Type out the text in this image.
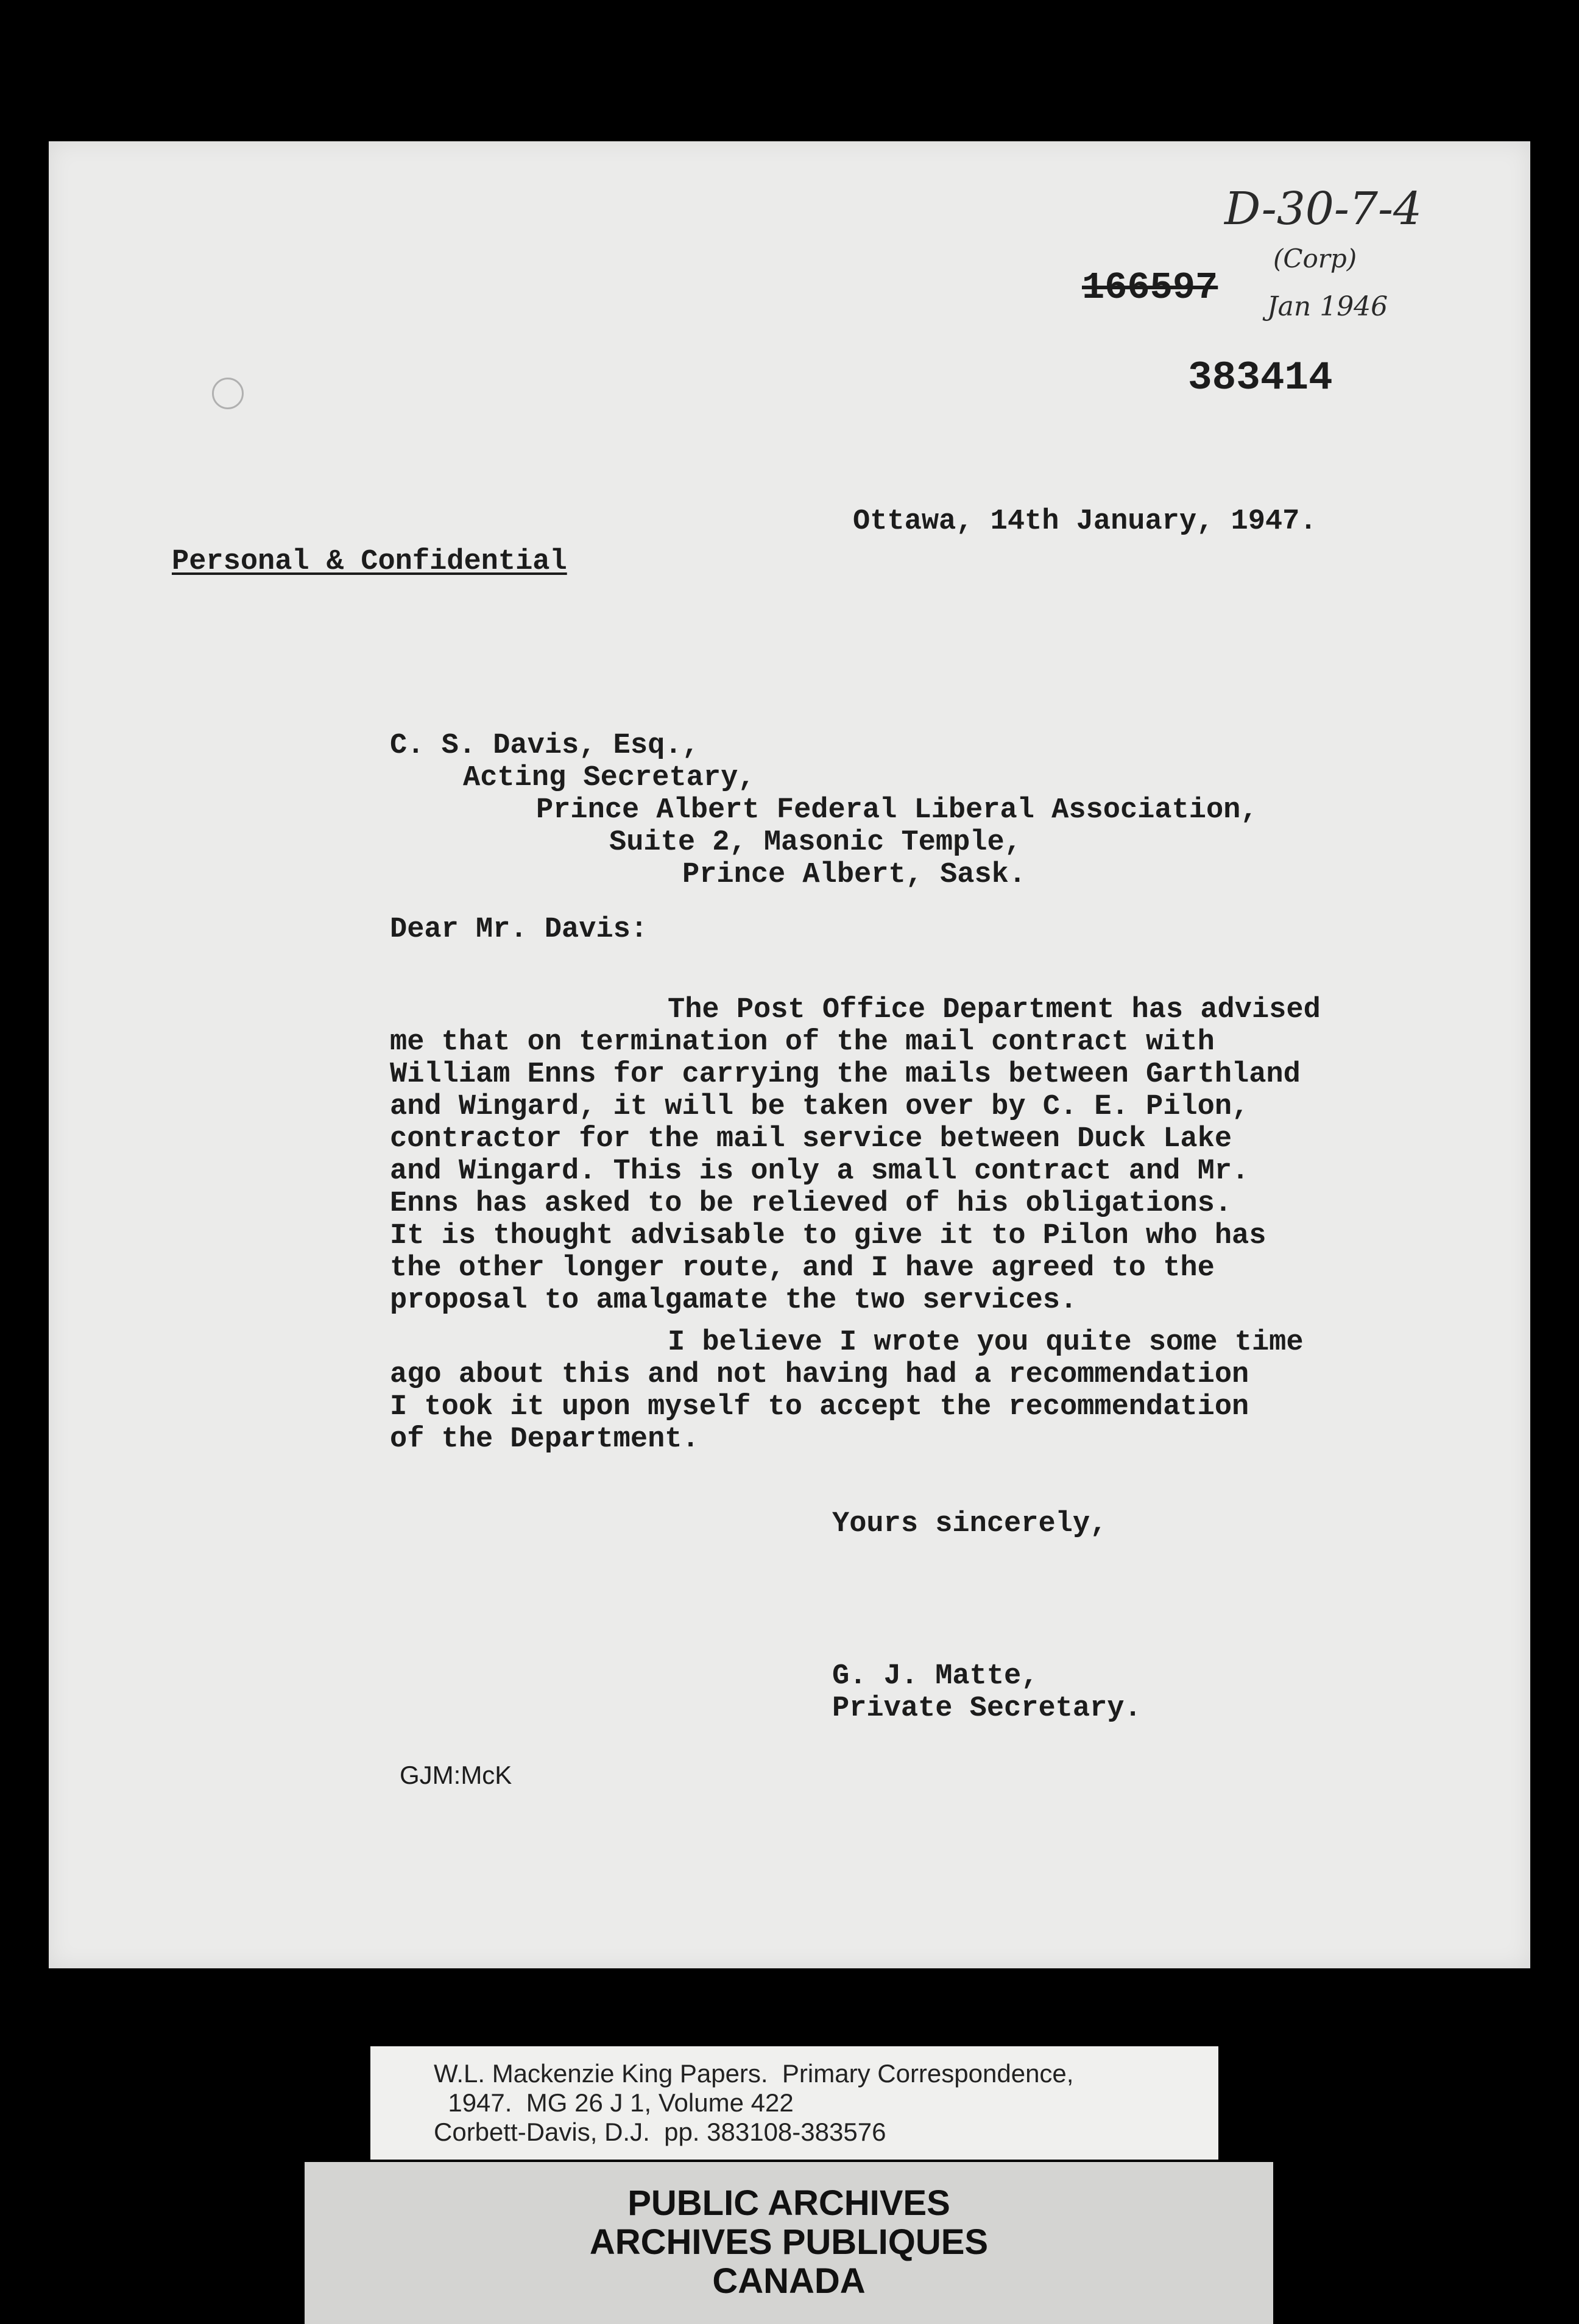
D-30-7-4
(Corp)
Jan 1946
166597
383414
Ottawa, 14th January, 1947.
Personal & Confidential
C. S. Davis, Esq.,
Acting Secretary,
Prince Albert Federal Liberal Association,
Suite 2, Masonic Temple,
Prince Albert, Sask.
Dear Mr. Davis:
The Post Office Department has advised
me that on termination of the mail contract with
William Enns for carrying the mails between Garthland
and Wingard, it will be taken over by C. E. Pilon,
contractor for the mail service between Duck Lake
and Wingard. This is only a small contract and Mr.
Enns has asked to be relieved of his obligations.
It is thought advisable to give it to Pilon who has
the other longer route, and I have agreed to the
proposal to amalgamate the two services.
I believe I wrote you quite some time
ago about this and not having had a recommendation
I took it upon myself to accept the recommendation
of the Department.
Yours sincerely,
G. J. Matte,
Private Secretary.
GJM:McK
W.L. Mackenzie King Papers.  Primary Correspondence,
1947.  MG 26 J 1, Volume 422
Corbett-Davis, D.J.  pp. 383108-383576
PUBLIC ARCHIVES
ARCHIVES PUBLIQUES
CANADA
